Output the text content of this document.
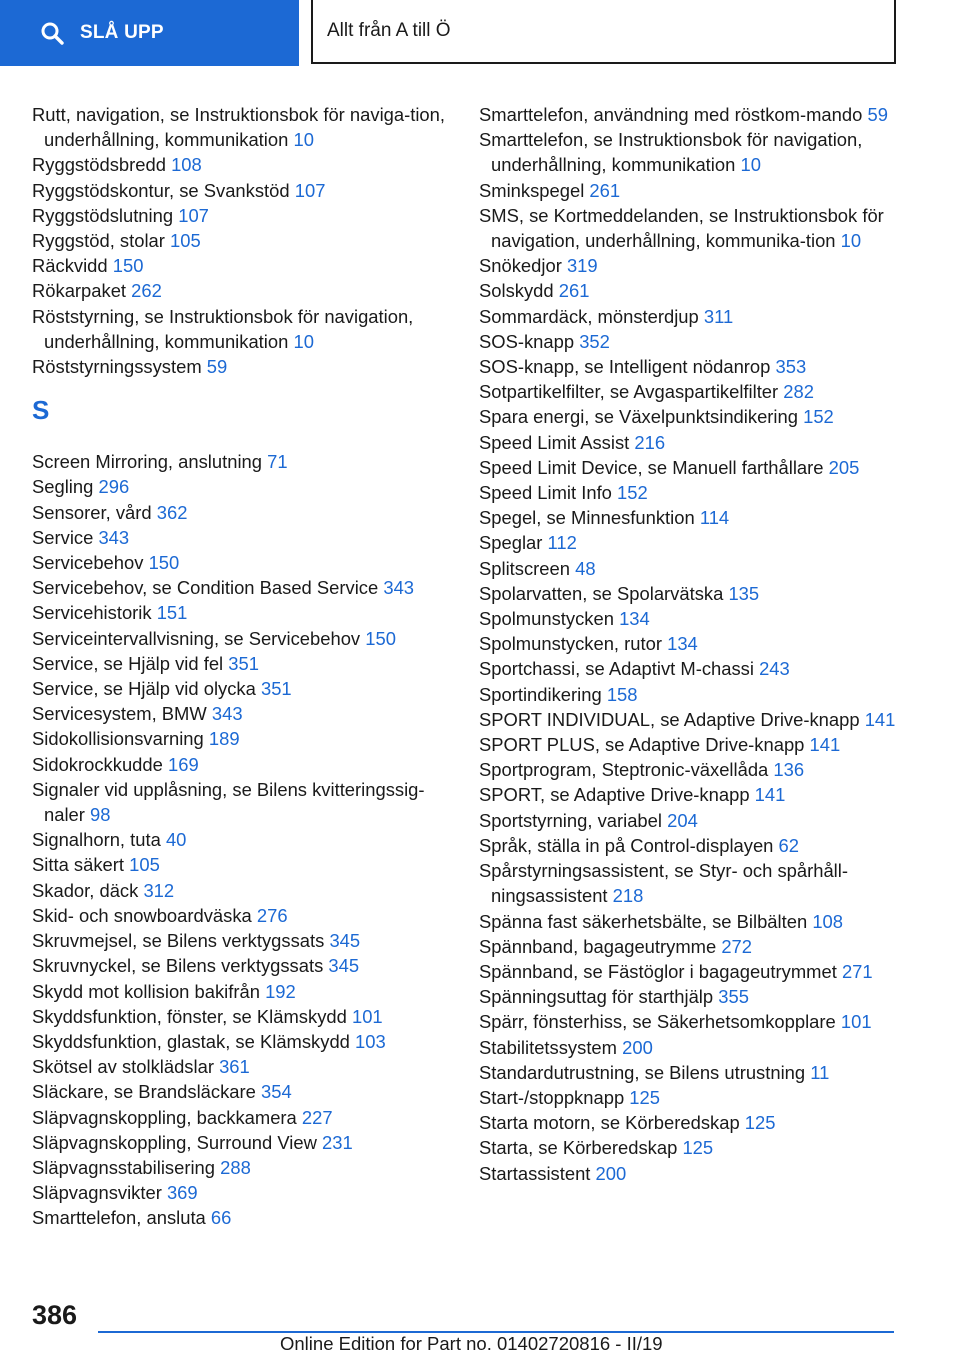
SLÅ UPP	Allt från A till Ö
Rutt, navigation, se Instruktionsbok för naviga-tion, underhållning, kommunikation 10
Ryggstödsbredd 108
Ryggstödskontur, se Svankstöd 107
Ryggstödslutning 107
Ryggstöd, stolar 105
Räckvidd 150
Rökarpaket 262
Röststyrning, se Instruktionsbok för navigation, underhållning, kommunikation 10
Röststyrningssystem 59
S
Screen Mirroring, anslutning 71
Segling 296
Sensorer, vård 362
Service 343
Servicebehov 150
Servicebehov, se Condition Based Service 343
Servicehistorik 151
Serviceintervallvisning, se Servicebehov 150
Service, se Hjälp vid fel 351
Service, se Hjälp vid olycka 351
Servicesystem, BMW 343
Sidokollisionsvarning 189
Sidokrockkudde 169
Signaler vid upplåsning, se Bilens kvitteringssig-naler 98
Signalhorn, tuta 40
Sitta säkert 105
Skador, däck 312
Skid- och snowboardväska 276
Skruvmejsel, se Bilens verktygssats 345
Skruvnyckel, se Bilens verktygssats 345
Skydd mot kollision bakifrån 192
Skyddsfunktion, fönster, se Klämskydd 101
Skyddsfunktion, glastak, se Klämskydd 103
Skötsel av stolklädslar 361
Släckare, se Brandsläckare 354
Släpvagnskoppling, backkamera 227
Släpvagnskoppling, Surround View 231
Släpvagnsstabilisering 288
Släpvagnsvikter 369
Smarttelefon, ansluta 66
Smarttelefon, användning med röstkom-mando 59
Smarttelefon, se Instruktionsbok för navigation, underhållning, kommunikation 10
Sminkspegel 261
SMS, se Kortmeddelanden, se Instruktionsbok för navigation, underhållning, kommunika-tion 10
Snökedjor 319
Solskydd 261
Sommardäck, mönsterdjup 311
SOS-knapp 352
SOS-knapp, se Intelligent nödanrop 353
Sotpartikelfilter, se Avgaspartikelfilter 282
Spara energi, se Växelpunktsindikering 152
Speed Limit Assist 216
Speed Limit Device, se Manuell farthållare 205
Speed Limit Info 152
Spegel, se Minnesfunktion 114
Speglar 112
Splitscreen 48
Spolarvatten, se Spolarvätska 135
Spolmunstycken 134
Spolmunstycken, rutor 134
Sportchassi, se Adaptivt M-chassi 243
Sportindikering 158
SPORT INDIVIDUAL, se Adaptive Drive-knapp 141
SPORT PLUS, se Adaptive Drive-knapp 141
Sportprogram, Steptronic-växellåda 136
SPORT, se Adaptive Drive-knapp 141
Sportstyrning, variabel 204
Språk, ställa in på Control-displayen 62
Spårstyrningsassistent, se Styr- och spårhåll-ningsassistent 218
Spänna fast säkerhetsbälte, se Bilbälten 108
Spännband, bagageutrymme 272
Spännband, se Fästöglor i bagageutrymmet 271
Spänningsuttag för starthjälp 355
Spärr, fönsterhiss, se Säkerhetsomkopplare 101
Stabilitetssystem 200
Standardutrustning, se Bilens utrustning 11
Start-/stoppknapp 125
Starta motorn, se Körberedskap 125
Starta, se Körberedskap 125
Startassistent 200
386
Online Edition for Part no. 01402720816 - II/19
